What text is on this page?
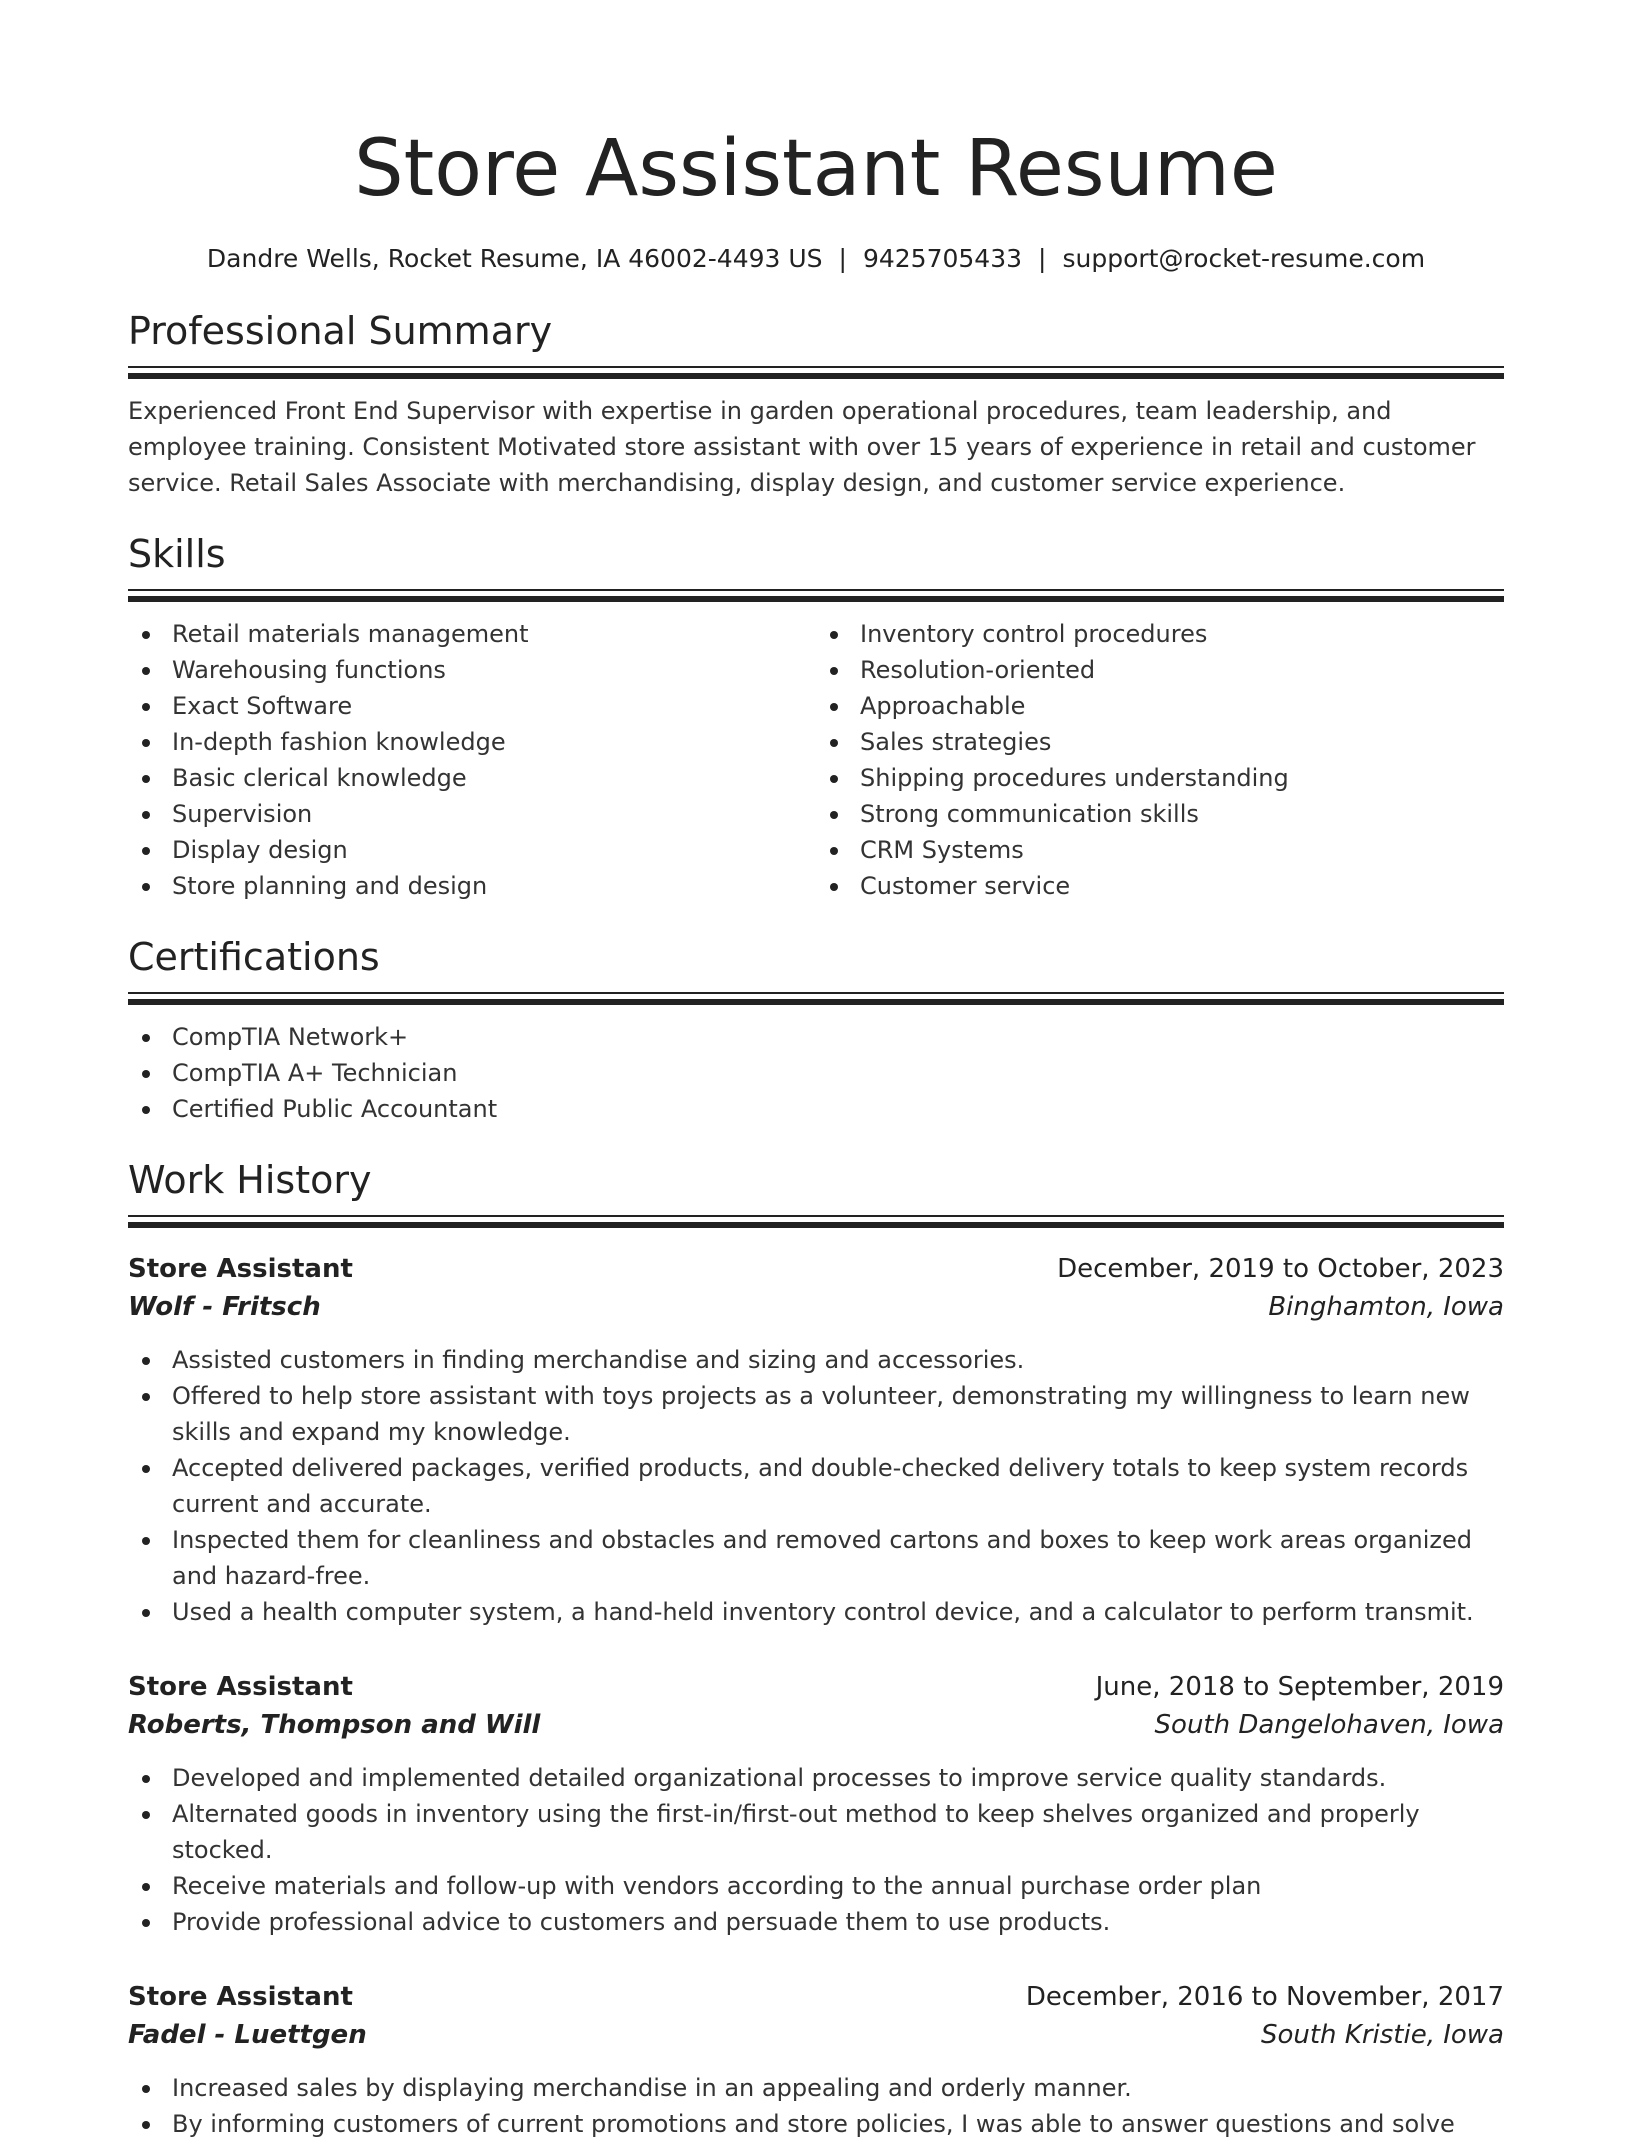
Store Assistant Resume
Dandre Wells, Rocket Resume, IA 46002-4493 US | 9425705433 | support@rocket-resume.com
Professional Summary
Experienced Front End Supervisor with expertise in garden operational procedures, team leadership, and employee training. Consistent Motivated store assistant with over 15 years of experience in retail and customer service. Retail Sales Associate with merchandising, display design, and customer service experience.
Skills
Retail materials management
Warehousing functions
Exact Software
In-depth fashion knowledge
Basic clerical knowledge
Supervision
Display design
Store planning and design
Inventory control procedures
Resolution-oriented
Approachable
Sales strategies
Shipping procedures understanding
Strong communication skills
CRM Systems
Customer service
Certifications
CompTIA Network+
CompTIA A+ Technician
Certified Public Accountant
Work History
Store Assistant	December, 2019 to October, 2023
Wolf - Fritsch	Binghamton, Iowa
Assisted customers in finding merchandise and sizing and accessories.
Offered to help store assistant with toys projects as a volunteer, demonstrating my willingness to learn new skills and expand my knowledge.
Accepted delivered packages, verified products, and double-checked delivery totals to keep system records current and accurate.
Inspected them for cleanliness and obstacles and removed cartons and boxes to keep work areas organized and hazard-free.
Used a health computer system, a hand-held inventory control device, and a calculator to perform transmit.
Store Assistant	June, 2018 to September, 2019
Roberts, Thompson and Will	South Dangelohaven, Iowa
Developed and implemented detailed organizational processes to improve service quality standards.
Alternated goods in inventory using the first-in/first-out method to keep shelves organized and properly stocked.
Receive materials and follow-up with vendors according to the annual purchase order plan
Provide professional advice to customers and persuade them to use products.
Store Assistant	December, 2016 to November, 2017
Fadel - Luettgen	South Kristie, Iowa
Increased sales by displaying merchandise in an appealing and orderly manner.
By informing customers of current promotions and store policies, I was able to answer questions and solve
